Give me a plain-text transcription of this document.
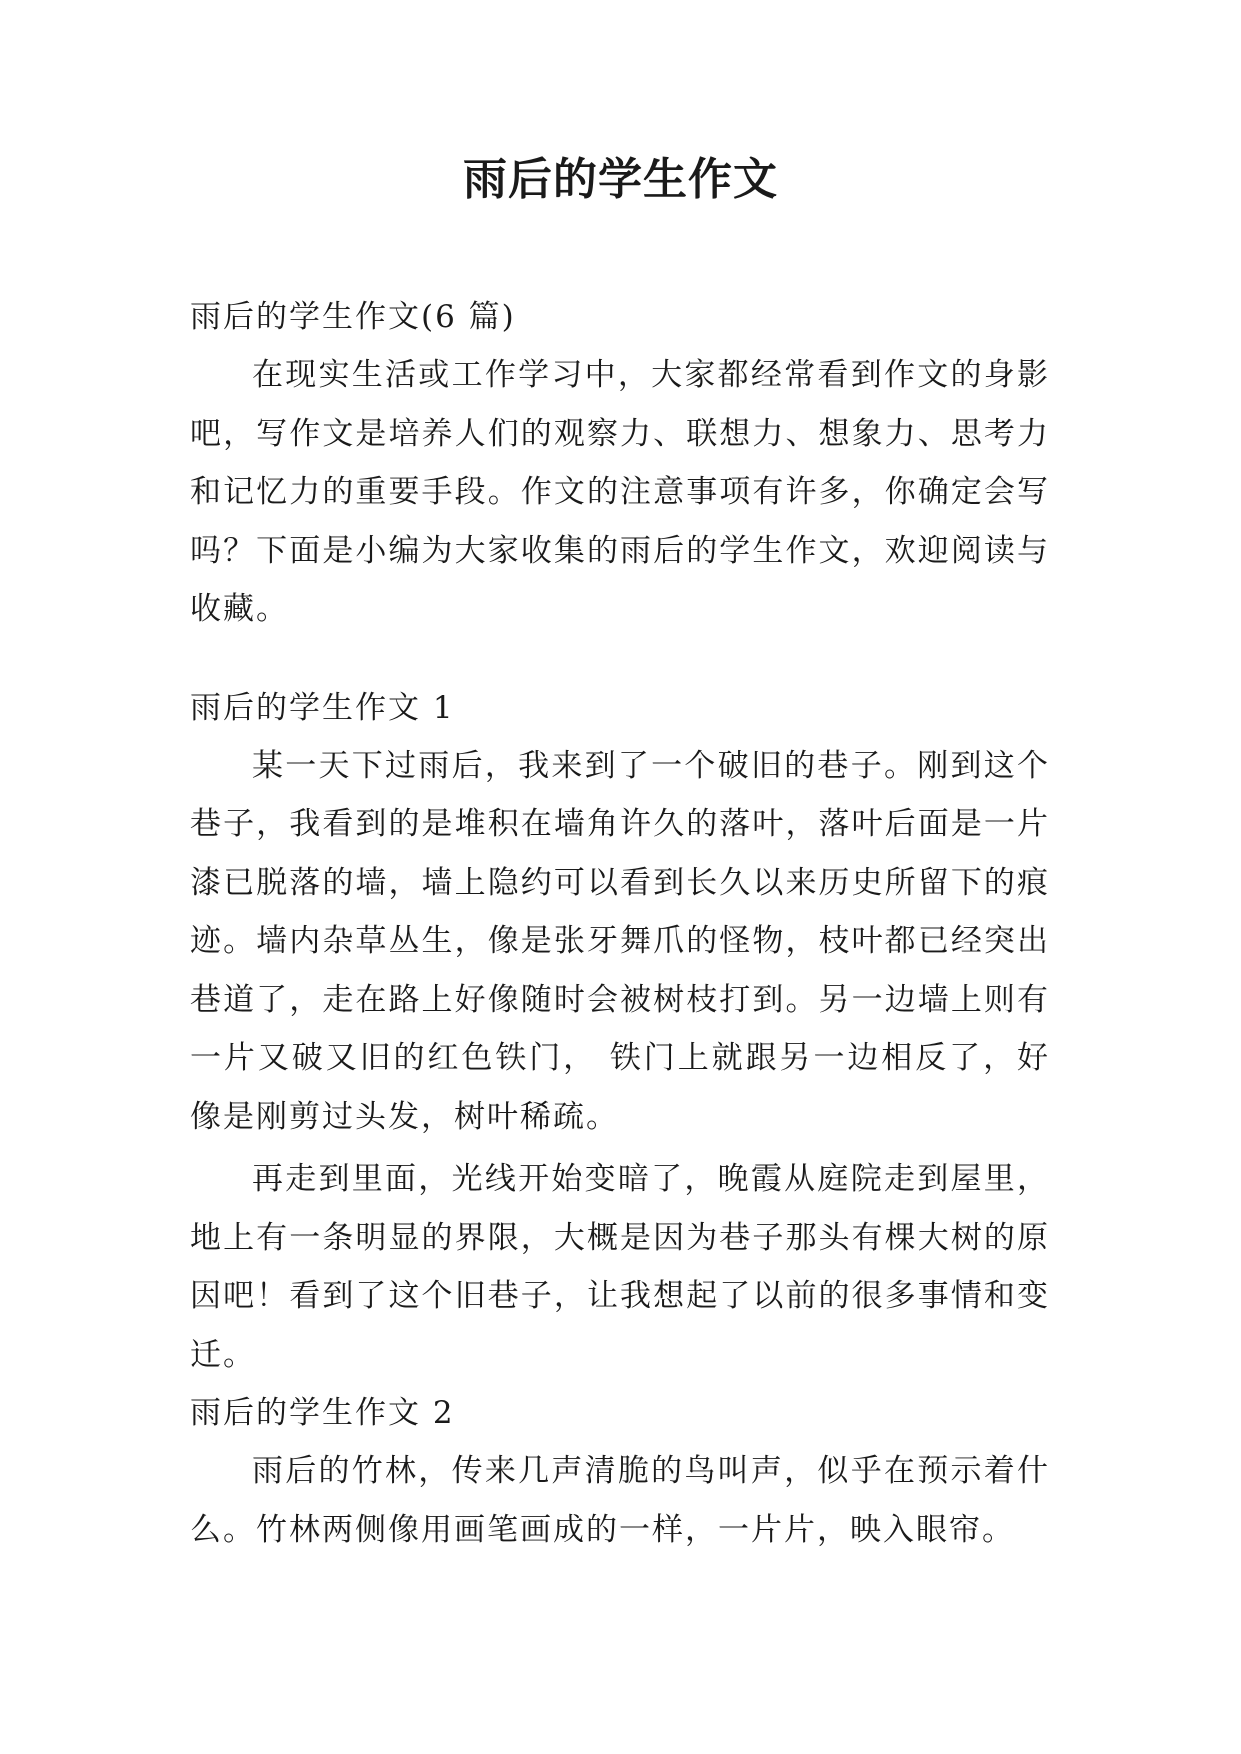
雨后的学生作文

雨后的学生作文(6 篇)

在现实生活或工作学习中，大家都经常看到作文的身影吧，写作文是培养人们的观察力、联想力、想象力、思考力和记忆力的重要手段。作文的注意事项有许多，你确定会写吗？下面是小编为大家收集的雨后的学生作文，欢迎阅读与收藏。

雨后的学生作文 1

某一天下过雨后，我来到了一个破旧的巷子。刚到这个巷子，我看到的是堆积在墙角许久的落叶，落叶后面是一片漆已脱落的墙，墙上隐约可以看到长久以来历史所留下的痕迹。墙内杂草丛生，像是张牙舞爪的怪物，枝叶都已经突出巷道了，走在路上好像随时会被树枝打到。另一边墙上则有一片又破又旧的红色铁门， 铁门上就跟另一边相反了，好像是刚剪过头发，树叶稀疏。

再走到里面，光线开始变暗了，晚霞从庭院走到屋里，地上有一条明显的界限，大概是因为巷子那头有棵大树的原因吧！看到了这个旧巷子，让我想起了以前的很多事情和变迁。

雨后的学生作文 2

雨后的竹林，传来几声清脆的鸟叫声，似乎在预示着什么。竹林两侧像用画笔画成的一样，一片片，映入眼帘。
